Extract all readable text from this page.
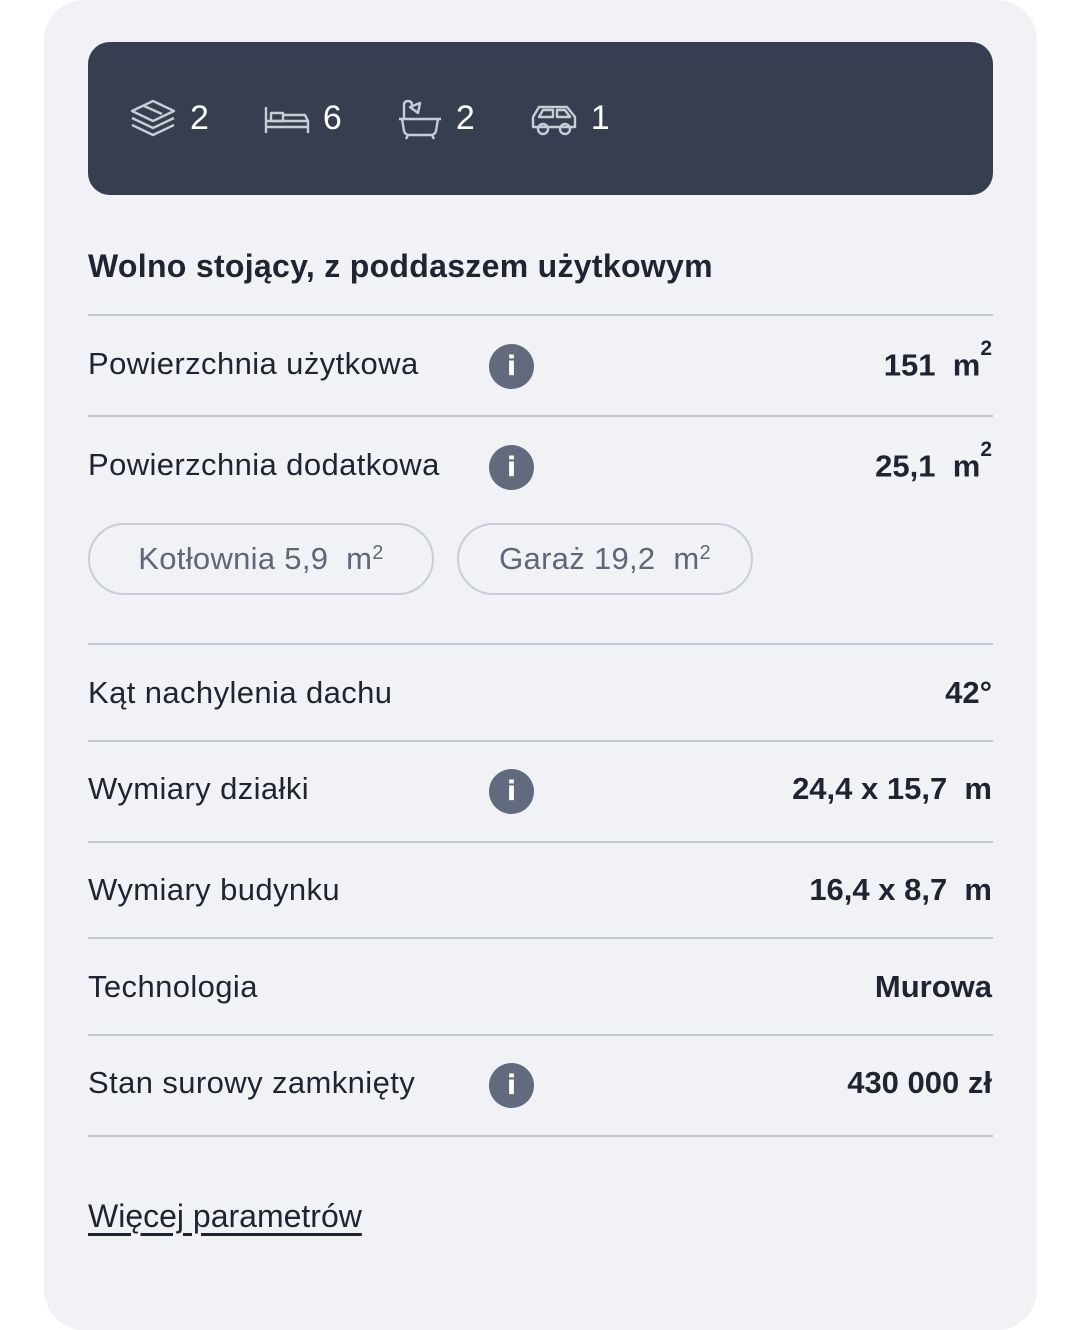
2	6	2	1
Wolno stojący, z poddaszem użytkowym
Powierzchnia użytkowa	i	151 $m^2$
Powierzchnia dodatkowa	i	25,1 $m^2$
Kotłownia 5,9
$m^2$	Garaż 19,2
$m^2$
Kąt nachylenia dachu	42°
Wymiary działki	i	24,4 x 15,7  m
Wymiary budynku	16,4 x 8,7  m
Technologia	Murowa
Stan surowy zamknięty	i	430 000 zł
Więcej parametrów
